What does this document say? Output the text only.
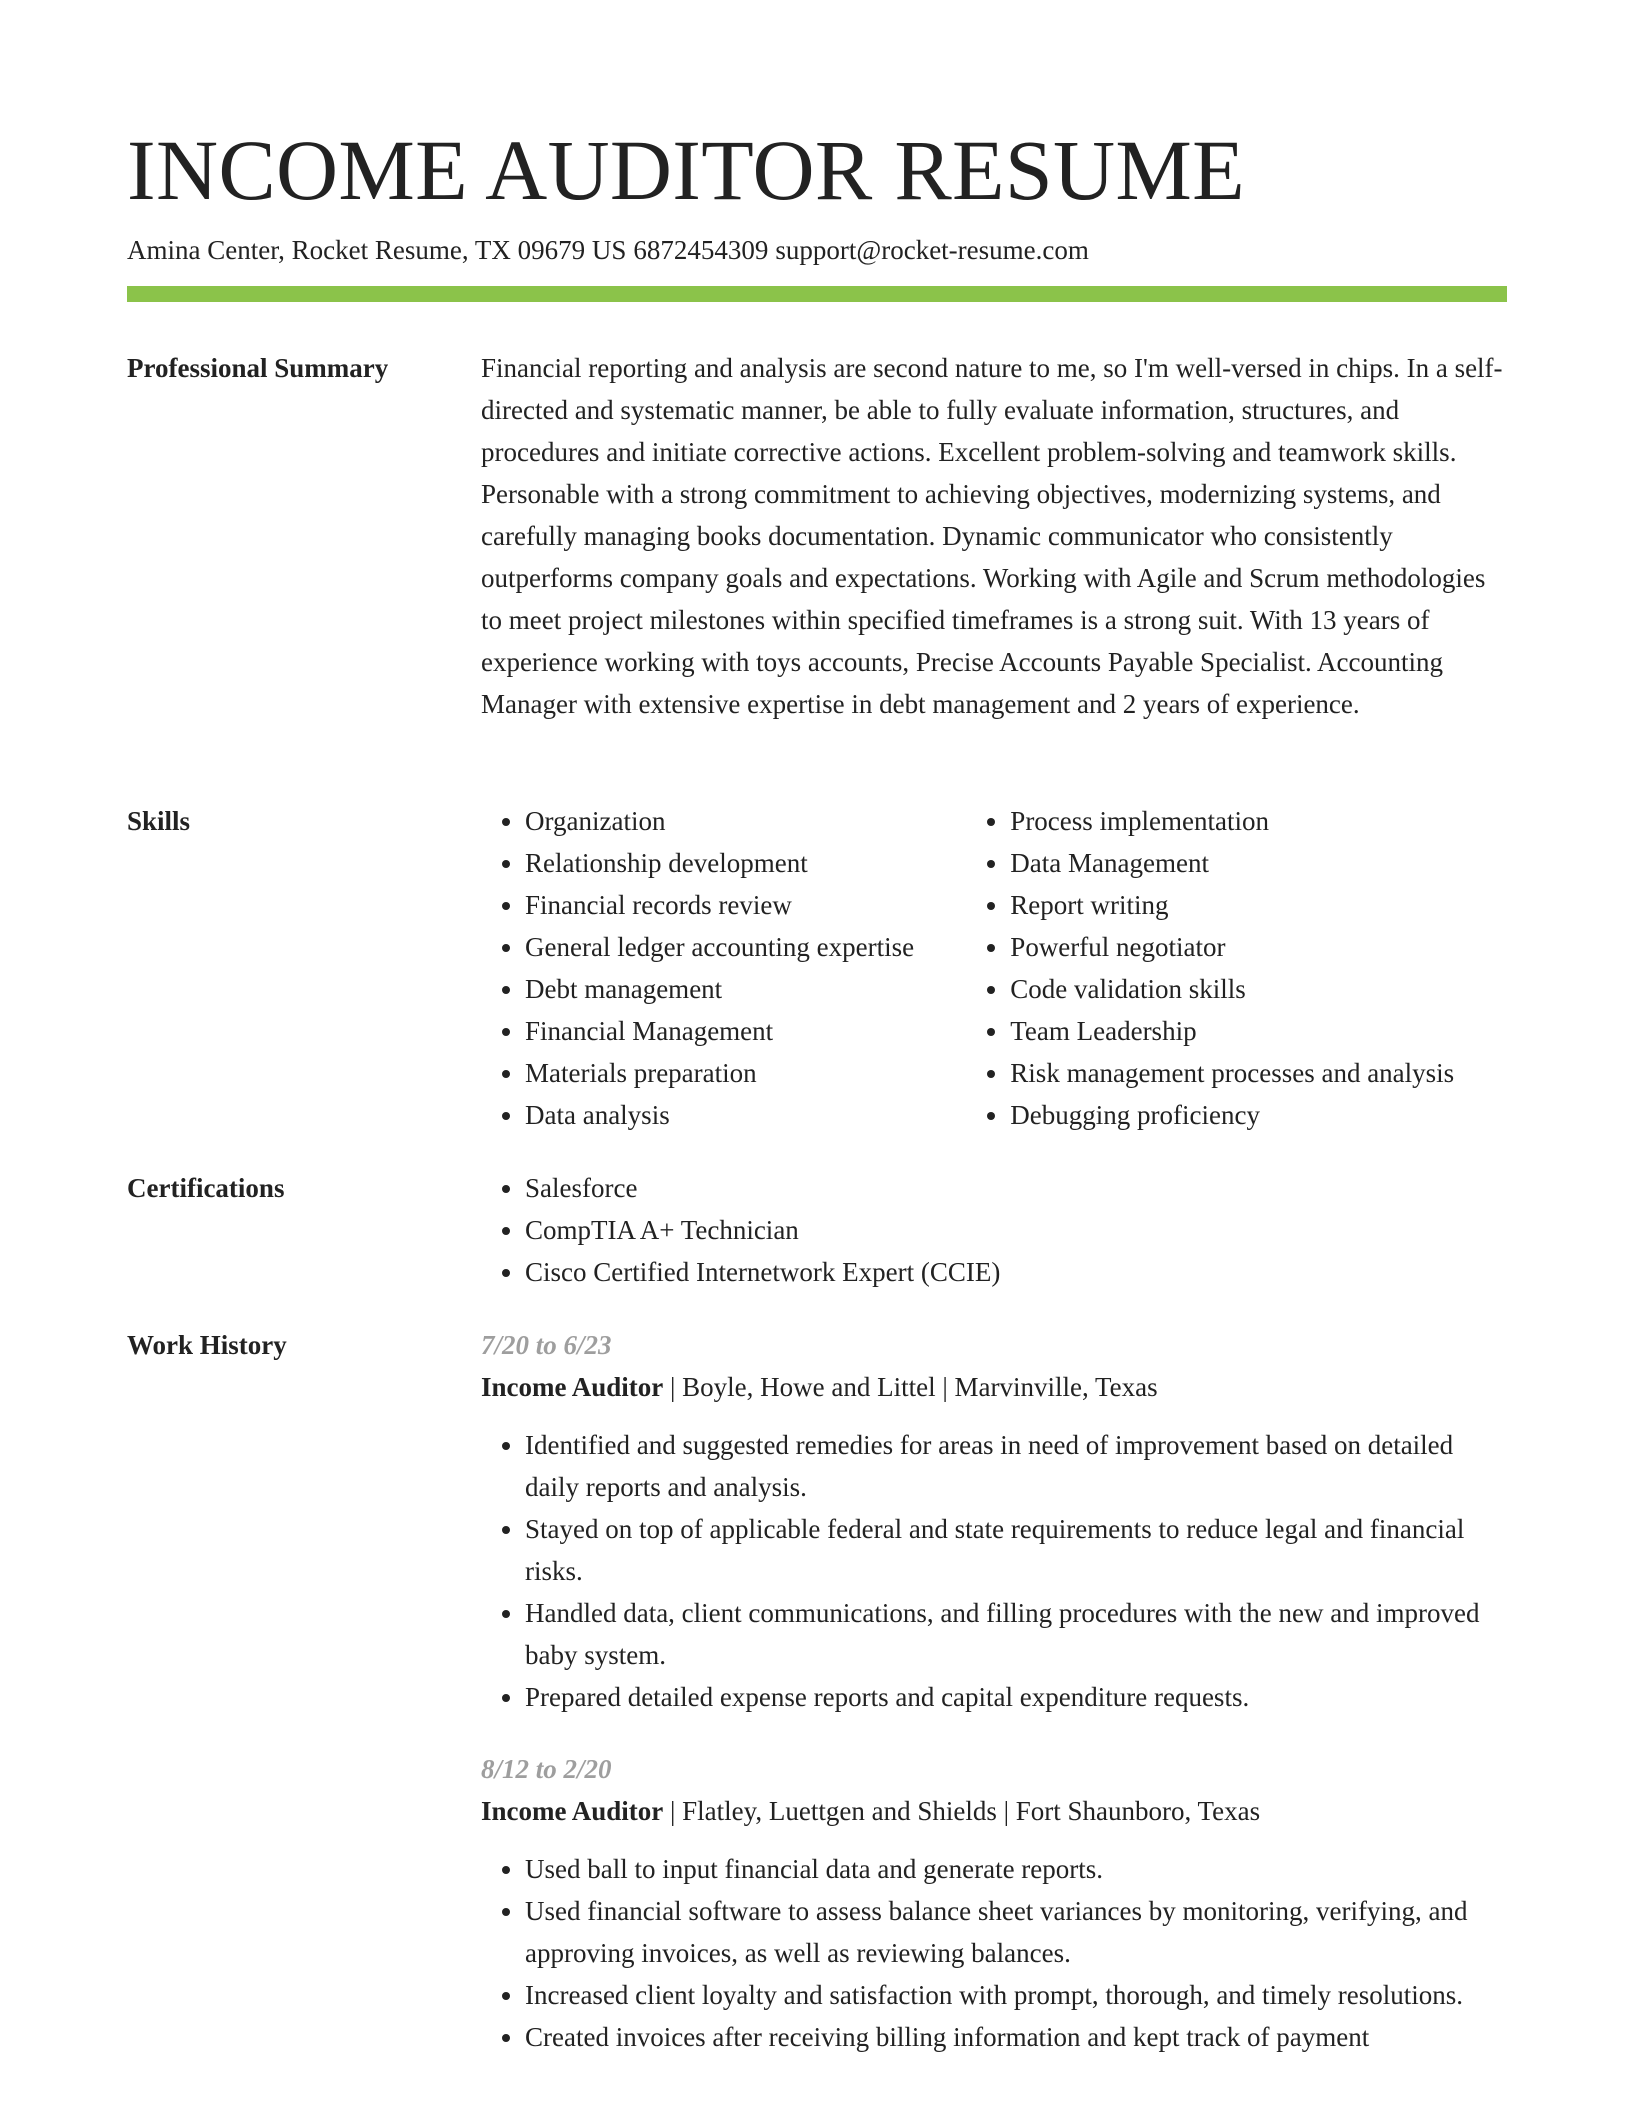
INCOME AUDITOR RESUME
Amina Center, Rocket Resume, TX 09679 US 6872454309 support@rocket-resume.com
Professional Summary	Financial reporting and analysis are second nature to me, so I'm well-versed in chips. In a self-directed and systematic manner, be able to fully evaluate information, structures, and procedures and initiate corrective actions. Excellent problem-solving and teamwork skills. Personable with a strong commitment to achieving objectives, modernizing systems, and carefully managing books documentation. Dynamic communicator who consistently outperforms company goals and expectations. Working with Agile and Scrum methodologies to meet project milestones within specified timeframes is a strong suit. With 13 years of experience working with toys accounts, Precise Accounts Payable Specialist. Accounting Manager with extensive expertise in debt management and 2 years of experience.

Skills	• Organization
• Relationship development
• Financial records review
• General ledger accounting expertise
• Debt management
• Financial Management
• Materials preparation
• Data analysis
• Process implementation
• Data Management
• Report writing
• Powerful negotiator
• Code validation skills
• Team Leadership
• Risk management processes and analysis
• Debugging proficiency
Certifications	• Salesforce
• CompTIA A+ Technician
• Cisco Certified Internetwork Expert (CCIE)
Work History	7/20 to 6/23
Income Auditor | Boyle, Howe and Littel | Marvinville, Texas
• Identified and suggested remedies for areas in need of improvement based on detailed daily reports and analysis.
• Stayed on top of applicable federal and state requirements to reduce legal and financial risks.
• Handled data, client communications, and filling procedures with the new and improved baby system.
• Prepared detailed expense reports and capital expenditure requests.
8/12 to 2/20
Income Auditor | Flatley, Luettgen and Shields | Fort Shaunboro, Texas
• Used ball to input financial data and generate reports.
• Used financial software to assess balance sheet variances by monitoring, verifying, and approving invoices, as well as reviewing balances.
• Increased client loyalty and satisfaction with prompt, thorough, and timely resolutions.
• Created invoices after receiving billing information and kept track of payment
